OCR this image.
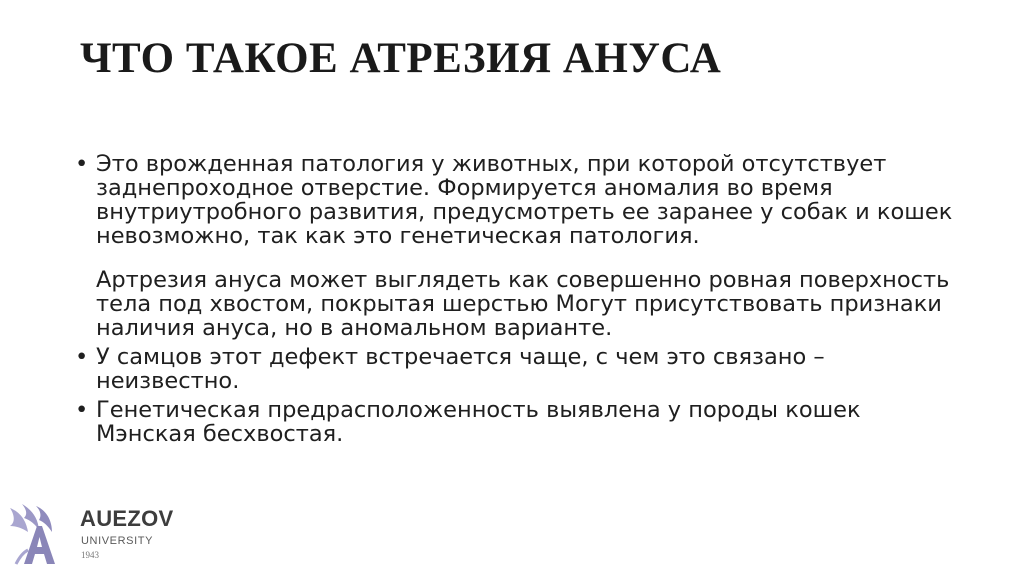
ЧТО ТАКОЕ АТРЕЗИЯ АНУСА
• Это врожденная патология у животных, при которой отсутствует заднепроходное отверстие. Формируется аномалия во время внутриутробного развития, предусмотреть ее заранее у собак и кошек невозможно, так как это генетическая патология.

Артрезия ануса может выглядеть как совершенно ровная поверхность тела под хвостом, покрытая шерстью Могут присутствовать признаки наличия ануса, но в аномальном варианте.

• У самцов этот дефект встречается чаще, с чем это связано – неизвестно.

• Генетическая предрасположенность выявлена у породы кошек Мэнская бесхвостая.

AUEZOV
UNIVERSITY
1943
